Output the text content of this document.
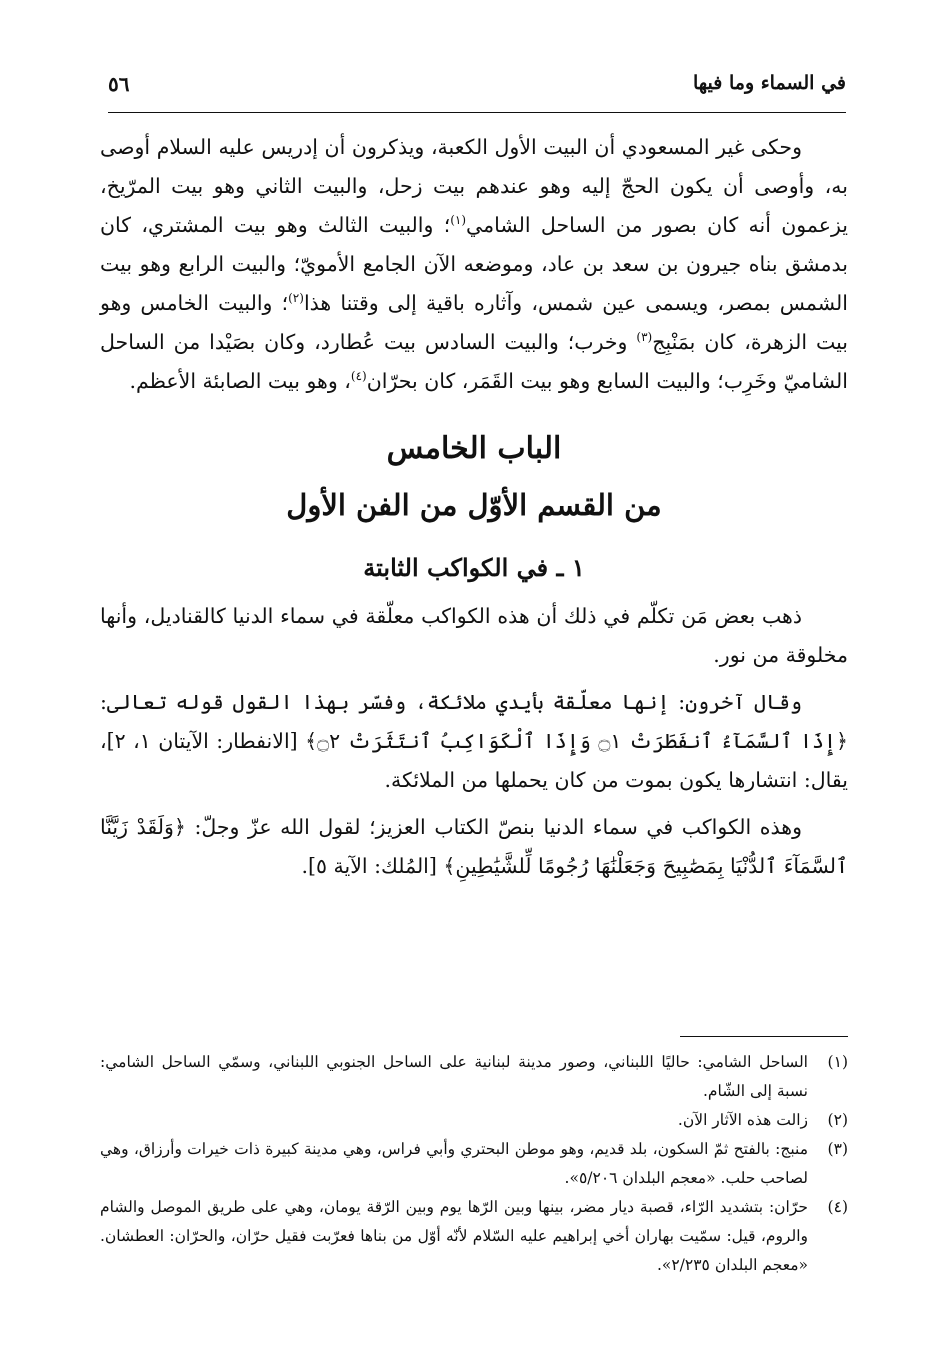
في السماء وما فيها
٥٦

وحكى غير المسعودي أن البيت الأول الكعبة، ويذكرون أن إدريس عليه السلام أوصى به، وأوصى أن يكون الحجّ إليه وهو عندهم بيت زحل، والبيت الثاني وهو بيت المرّيخ، يزعمون أنه كان بصور من الساحل الشامي$^{(١)}$؛ والبيت الثالث وهو بيت المشتري، كان بدمشق بناه جيرون بن سعد بن عاد، وموضعه الآن الجامع الأمويّ؛ والبيت الرابع وهو بيت الشمس بمصر، ويسمى عين شمس، وآثاره باقية إلى وقتنا هذا$^{(٢)}$؛ والبيت الخامس وهو بيت الزهرة، كان بمَنْبِج$^{(٣)}$ وخرب؛ والبيت السادس بيت عُطارد، وكان بصَيْدا من الساحل الشاميّ وخَرِب؛ والبيت السابع وهو بيت القَمَر، كان بحرّان$^{(٤)}$، وهو بيت الصابئة الأعظم.

الباب الخامس

من القسم الأوّل من الفن الأول

١ ـ في الكواكب الثابتة

ذهب بعض مَن تكلّم في ذلك أن هذه الكواكب معلّقة في سماء الدنيا كالقناديل، وأنها مخلوقة من نور.

وقال آخرون: إنها معلّقة بأيدي ملائكة، وفسّر بهذا القول قوله تعالى: ﴿إِذَا ٱلسَّمَآءُ ٱنفَطَرَتْ ۝١ وَإِذَا ٱلْكَوَاكِبُ ٱنتَثَرَتْ ۝٢﴾ [الانفطار: الآيتان ١، ٢]، يقال: انتشارها يكون بموت من كان يحملها من الملائكة.

وهذه الكواكب في سماء الدنيا بنصّ الكتاب العزيز؛ لقول الله عزّ وجلّ: ﴿وَلَقَدْ زَيَّنَّا ٱلسَّمَآءَ ٱلدُّنْيَا بِمَصَٰبِيحَ وَجَعَلْنَٰهَا رُجُومًا لِّلشَّيَٰطِينِ﴾ [المُلك: الآية ٥].

(١)
الساحل الشامي: حاليًا اللبناني، وصور مدينة لبنانية على الساحل الجنوبي اللبناني، وسمّي الساحل الشامي: نسبة إلى الشّام.

(٢)
زالت هذه الآثار الآن.

(٣)
منبج: بالفتح ثمّ السكون، بلد قديم، وهو موطن البحتري وأبي فراس، وهي مدينة كبيرة ذات خيرات وأرزاق، وهي لصاحب حلب. «معجم البلدان ٥/٢٠٦».

(٤)
حرّان: بتشديد الرّاء، قصبة ديار مضر، بينها وبين الرّها يوم وبين الرّقة يومان، وهي على طريق الموصل والشام والروم، قيل: سمّيت بهاران أخي إبراهيم عليه السّلام لأنّه أوّل من بناها فعرّبت فقيل حرّان، والحرّان: العطشان. «معجم البلدان ٢/٢٣٥».
